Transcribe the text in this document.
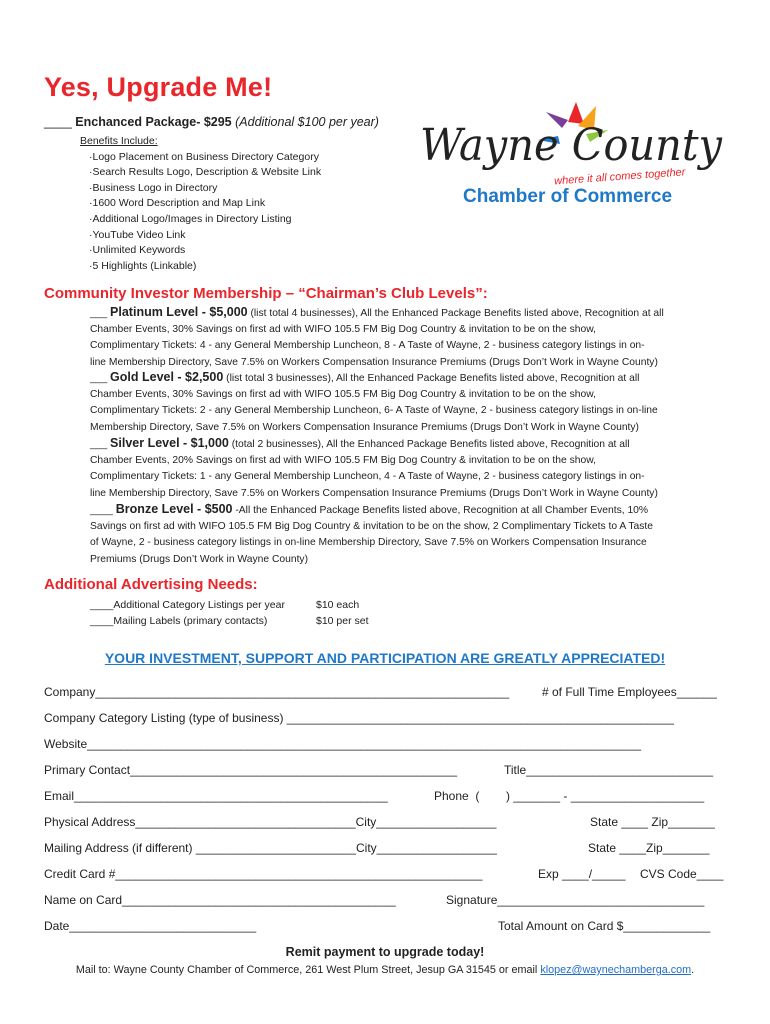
Yes, Upgrade Me!
____ Enchanced Package- $295 (Additional $100 per year)
Benefits Include:
·Logo Placement on Business Directory Category
·Search Results Logo, Description & Website Link
·Business Logo in Directory
·1600 Word Description and Map Link
·Additional Logo/Images in Directory Listing
·YouTube Video Link
·Unlimited Keywords
·5 Highlights (Linkable)
Wayne County
where it all comes together
Chamber of Commerce
Community Investor Membership – “Chairman’s Club Levels”:
___ Platinum Level - $5,000 (list total 4 businesses), All the Enhanced Package Benefits listed above, Recognition at all
Chamber Events, 30% Savings on first ad with WIFO 105.5 FM Big Dog Country & invitation to be on the show,
Complimentary Tickets: 4 - any General Membership Luncheon, 8 - A Taste of Wayne, 2 - business category listings in on-
line Membership Directory, Save 7.5% on Workers Compensation Insurance Premiums (Drugs Don’t Work in Wayne County)
___ Gold Level - $2,500 (list total 3 businesses), All the Enhanced Package Benefits listed above, Recognition at all
Chamber Events, 30% Savings on first ad with WIFO 105.5 FM Big Dog Country & invitation to be on the show,
Complimentary Tickets: 2 - any General Membership Luncheon, 6- A Taste of Wayne, 2 - business category listings in on-line
Membership Directory, Save 7.5% on Workers Compensation Insurance Premiums (Drugs Don’t Work in Wayne County)
___ Silver Level - $1,000 (total 2 businesses), All the Enhanced Package Benefits listed above, Recognition at all
Chamber Events, 20% Savings on first ad with WIFO 105.5 FM Big Dog Country & invitation to be on the show,
Complimentary Tickets: 1 - any General Membership Luncheon, 4 - A Taste of Wayne, 2 - business category listings in on-
line Membership Directory, Save 7.5% on Workers Compensation Insurance Premiums (Drugs Don’t Work in Wayne County)
____ Bronze Level - $500 -All the Enhanced Package Benefits listed above, Recognition at all Chamber Events, 10%
Savings on first ad with WIFO 105.5 FM Big Dog Country & invitation to be on the show, 2 Complimentary Tickets to A Taste
of Wayne, 2 - business category listings in on-line Membership Directory, Save 7.5% on Workers Compensation Insurance
Premiums (Drugs Don’t Work in Wayne County)
Additional Advertising Needs:
____Additional Category Listings per year	$10 each
____Mailing Labels (primary contacts)	$10 per set
YOUR INVESTMENT, SUPPORT AND PARTICIPATION ARE GREATLY APPRECIATED!
Company______________________________________________________________	# of Full Time Employees______
Company Category Listing (type of business) __________________________________________________________
Website___________________________________________________________________________________
Primary Contact_________________________________________________	Title____________________________
Email_______________________________________________	Phone  (        ) _______ - ____________________
Physical Address_________________________________City__________________	State ____ Zip_______
Mailing Address (if different) ________________________City__________________	State ____Zip_______
Credit Card #_______________________________________________________	Exp ____/_____ CVS Code____
Name on Card_________________________________________	Signature_______________________________
Date____________________________	Total Amount on Card $_____________
Remit payment to upgrade today!
Mail to: Wayne County Chamber of Commerce, 261 West Plum Street, Jesup GA 31545 or email klopez@waynechamberga.com.
